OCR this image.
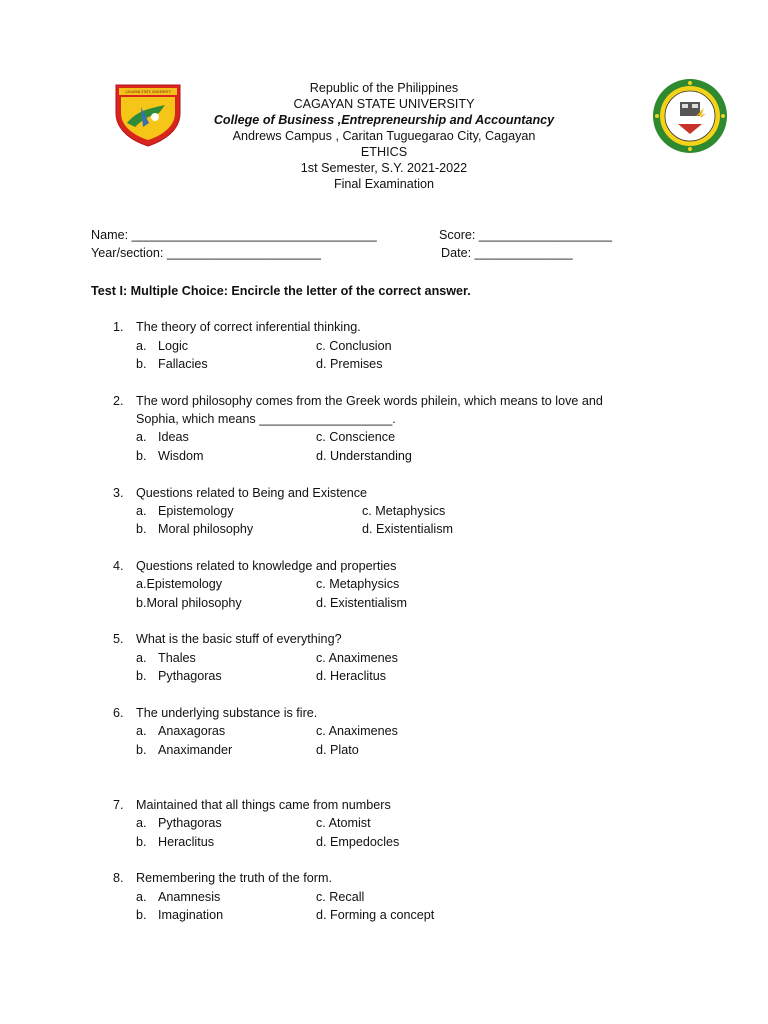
CAGAYAN STATE UNIVERSITY	Republic of the Philippines
CAGAYAN STATE UNIVERSITY
College of Business ,Entrepreneurship and Accountancy
Andrews Campus , Caritan Tuguegarao City, Cagayan
ETHICS
1st Semester, S.Y. 2021-2022
Final Examination
Name: ___________________________________	Score: ___________________
Year/section: ______________________	Date: ______________
Test I: Multiple Choice: Encircle the letter of the correct answer.
1. The theory of correct inferential thinking.
a. Logic	c. Conclusion
b. Fallacies	d. Premises
2. The word philosophy comes from the Greek words philein, which means to love and
Sophia, which means ___________________.
a. Ideas	c. Conscience
b. Wisdom	d. Understanding
3. Questions related to Being and Existence
a. Epistemology	c. Metaphysics
b. Moral philosophy	d. Existentialism
4. Questions related to knowledge and properties
a.Epistemology	c. Metaphysics
b.Moral philosophy	d. Existentialism
5. What is the basic stuff of everything?
a. Thales	c. Anaximenes
b. Pythagoras	d. Heraclitus
6. The underlying substance is fire.
a. Anaxagoras	c. Anaximenes
b. Anaximander	d. Plato
7. Maintained that all things came from numbers
a. Pythagoras	c. Atomist
b. Heraclitus	d. Empedocles
8. Remembering the truth of the form.
a. Anamnesis	c. Recall
b. Imagination	d. Forming a concept
